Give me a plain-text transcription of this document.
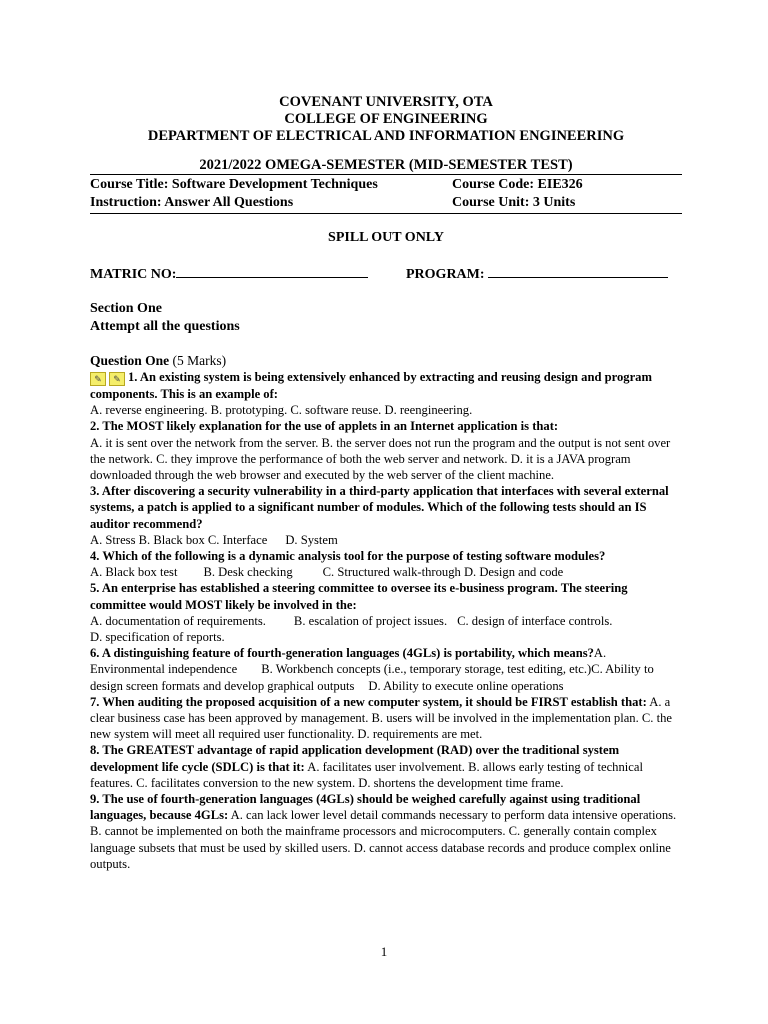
COVENANT UNIVERSITY, OTA
COLLEGE OF ENGINEERING
DEPARTMENT OF ELECTRICAL AND INFORMATION ENGINEERING
2021/2022 OMEGA-SEMESTER (MID-SEMESTER TEST)
Course Title: Software Development Techniques	Course Code: EIE326
Instruction: Answer All Questions	Course Unit: 3 Units
SPILL OUT ONLY
MATRIC NO:	PROGRAM:
Section One
Attempt all the questions
Question One (5 Marks)
✎ ✎ 1. An existing system is being extensively enhanced by extracting and reusing design and program components. This is an example of:
A. reverse engineering. B. prototyping. C. software reuse. D. reengineering.
2. The MOST likely explanation for the use of applets in an Internet application is that:
A. it is sent over the network from the server. B. the server does not run the program and the output is not sent over the network. C. they improve the performance of both the web server and network. D. it is a JAVA program downloaded through the web browser and executed by the web server of the client machine.
3. After discovering a security vulnerability in a third-party application that interfaces with several external systems, a patch is applied to a significant number of modules. Which of the following tests should an IS auditor recommend?
A. Stress B. Black box C. Interface D. System
4. Which of the following is a dynamic analysis tool for the purpose of testing software modules?
A. Black box test B. Desk checking C. Structured walk-through D. Design and code
5. An enterprise has established a steering committee to oversee its e-business program. The steering committee would MOST likely be involved in the:
A. documentation of requirements. B. escalation of project issues. C. design of interface controls.
D. specification of reports.
6. A distinguishing feature of fourth-generation languages (4GLs) is portability, which means?A. Environmental independence B. Workbench concepts (i.e., temporary storage, test editing, etc.)C. Ability to design screen formats and develop graphical outputs D. Ability to execute online operations
7. When auditing the proposed acquisition of a new computer system, it should be FIRST establish that: A. a clear business case has been approved by management. B. users will be involved in the implementation plan. C. the new system will meet all required user functionality. D. requirements are met.
8. The GREATEST advantage of rapid application development (RAD) over the traditional system development life cycle (SDLC) is that it: A. facilitates user involvement. B. allows early testing of technical features. C. facilitates conversion to the new system. D. shortens the development time frame.
9. The use of fourth-generation languages (4GLs) should be weighed carefully against using traditional languages, because 4GLs: A. can lack lower level detail commands necessary to perform data intensive operations. B. cannot be implemented on both the mainframe processors and microcomputers. C. generally contain complex language subsets that must be used by skilled users. D. cannot access database records and produce complex online outputs.
1
